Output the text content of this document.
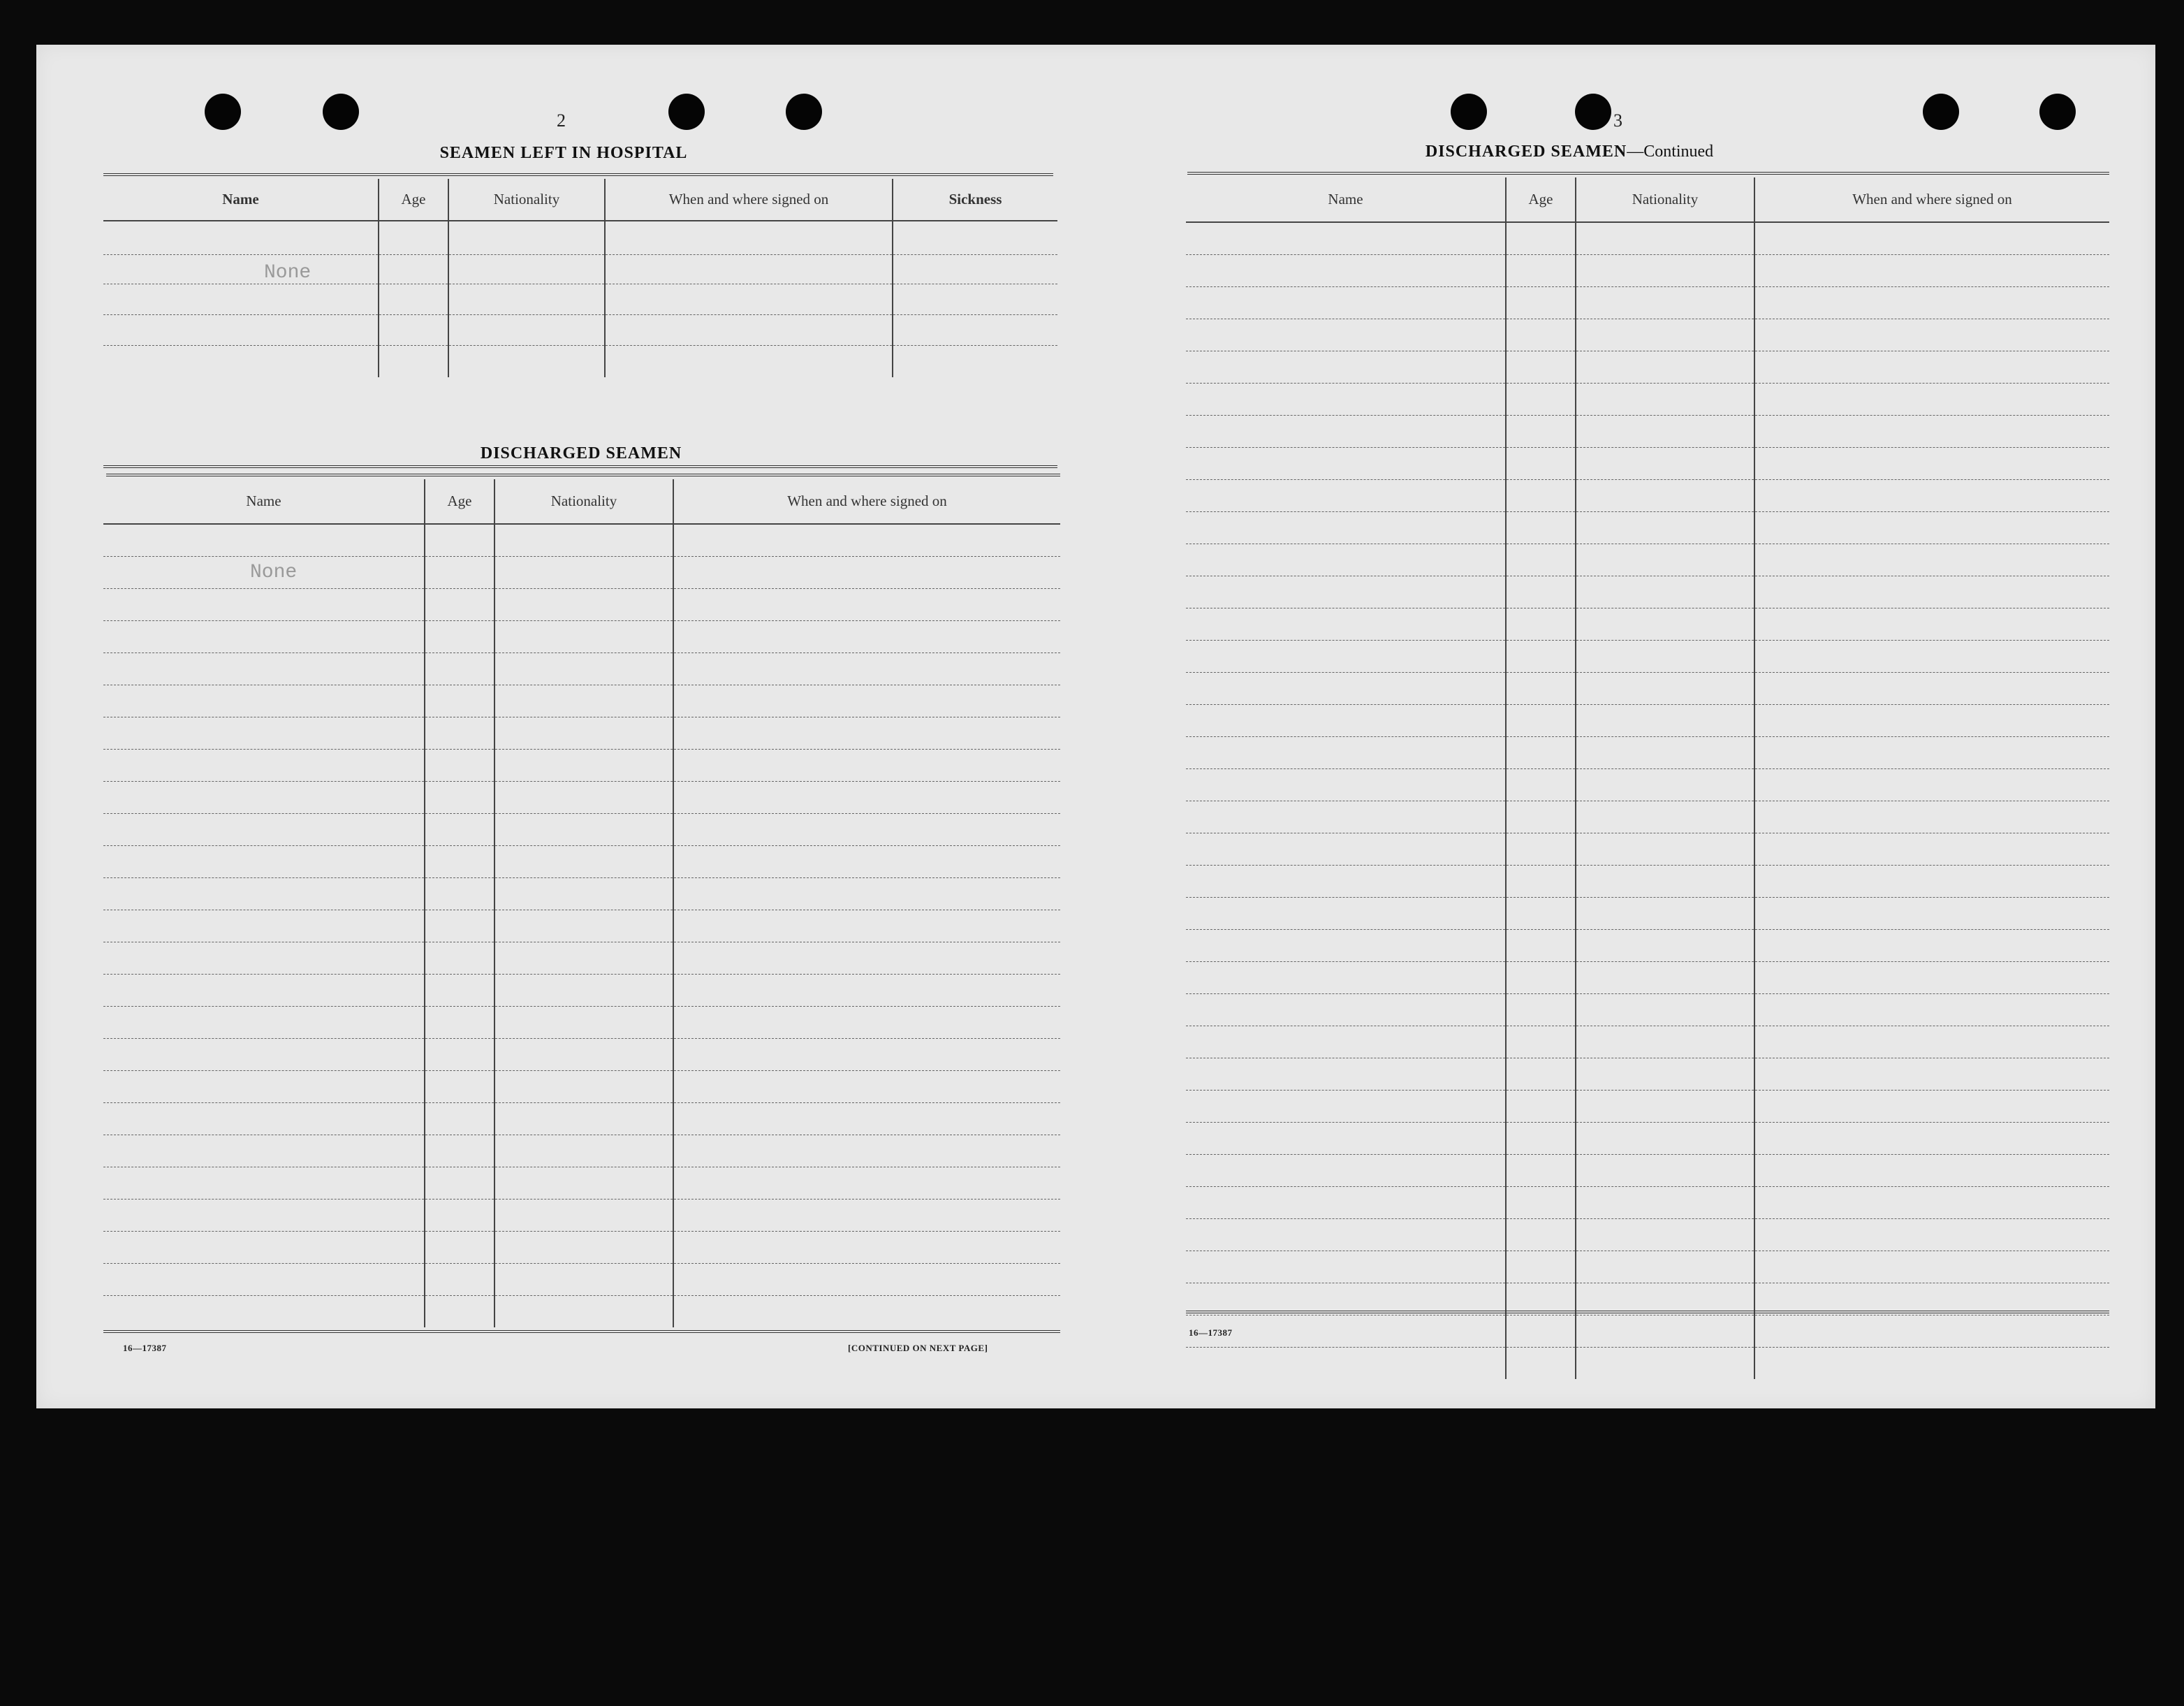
2
SEAMEN LEFT IN HOSPITAL
Name	Age	Nationality	When and where signed on	Sickness

None				

DISCHARGED SEAMEN
Name	Age	Nationality	When and where signed on

None			

16—17387	[CONTINUED ON NEXT PAGE]
3
DISCHARGED SEAMEN—Continued
Name	Age	Nationality	When and where signed on

16—17387
